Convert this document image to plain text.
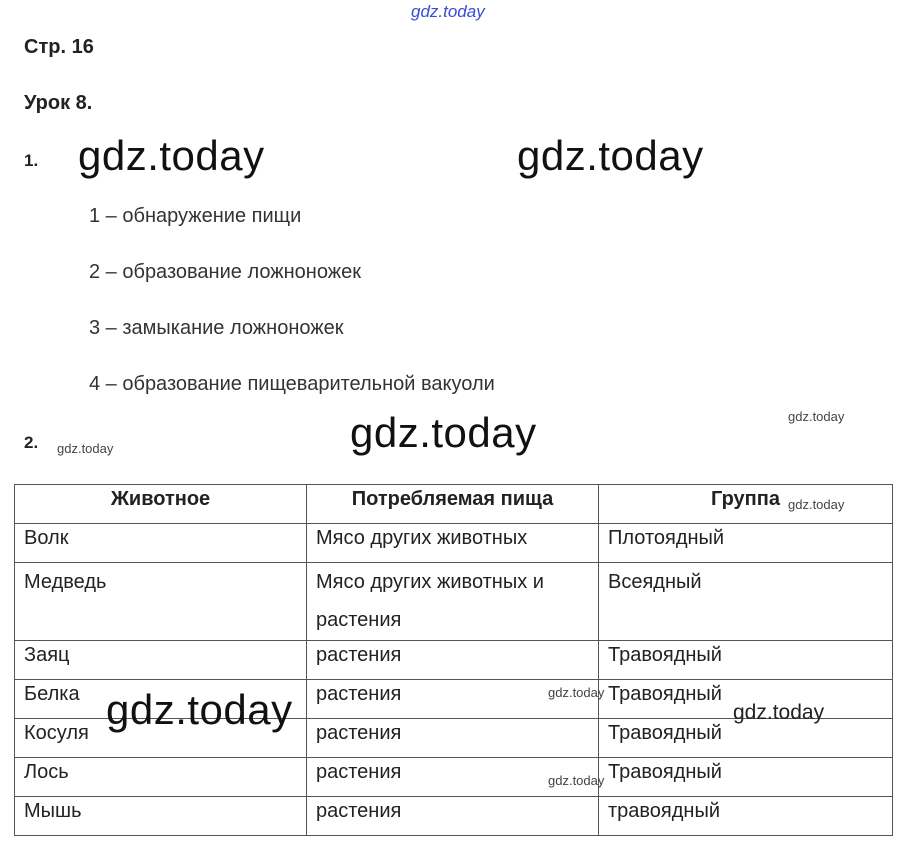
gdz.today
Стр. 16
Урок 8.
1. gdz.today	gdz.today
1 – обнаружение пищи
2 – образование ложноножек
3 – замыкание ложноножек
4 – образование пищеварительной вакуоли
gdz.today
2. gdz.today	gdz.today
Животное	Потребляемая пища	Группа
Волк	Мясо других животных	Плотоядный
Медведь	Мясо других животных и растения	Всеядный
Заяц	растения	Травоядный
Белка	растения	Травоядный
Косуля	растения	Травоядный
Лось	растения	Травоядный
Мышь	растения	травоядный
gdz.today
gdz.today	gdz.today
gdz.today
gdz.today
